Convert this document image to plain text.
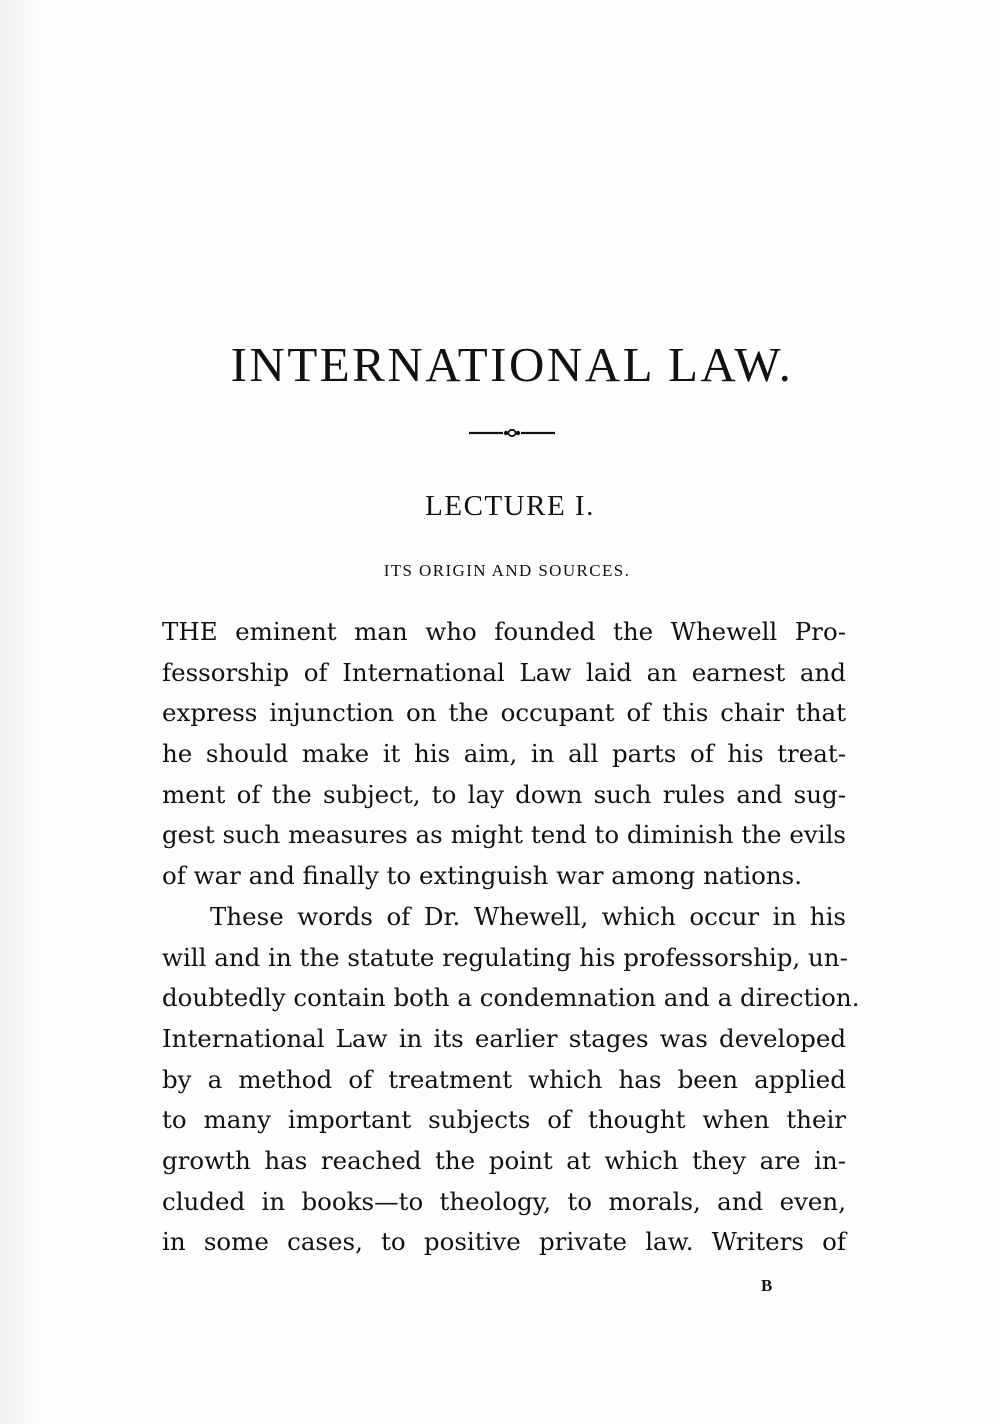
INTERNATIONAL LAW.
LECTURE I.
ITS ORIGIN AND SOURCES.
THE eminent man who founded the Whewell Pro-
fessorship of International Law laid an earnest and
express injunction on the occupant of this chair that
he should make it his aim, in all parts of his treat-
ment of the subject, to lay down such rules and sug-
gest such measures as might tend to diminish the evils
of war and finally to extinguish war among nations.
These words of Dr. Whewell, which occur in his
will and in the statute regulating his professorship, un-
doubtedly contain both a condemnation and a direction.
International Law in its earlier stages was developed
by a method of treatment which has been applied
to many important subjects of thought when their
growth has reached the point at which they are in-
cluded in books—to theology, to morals, and even,
in some cases, to positive private law. Writers of
B
